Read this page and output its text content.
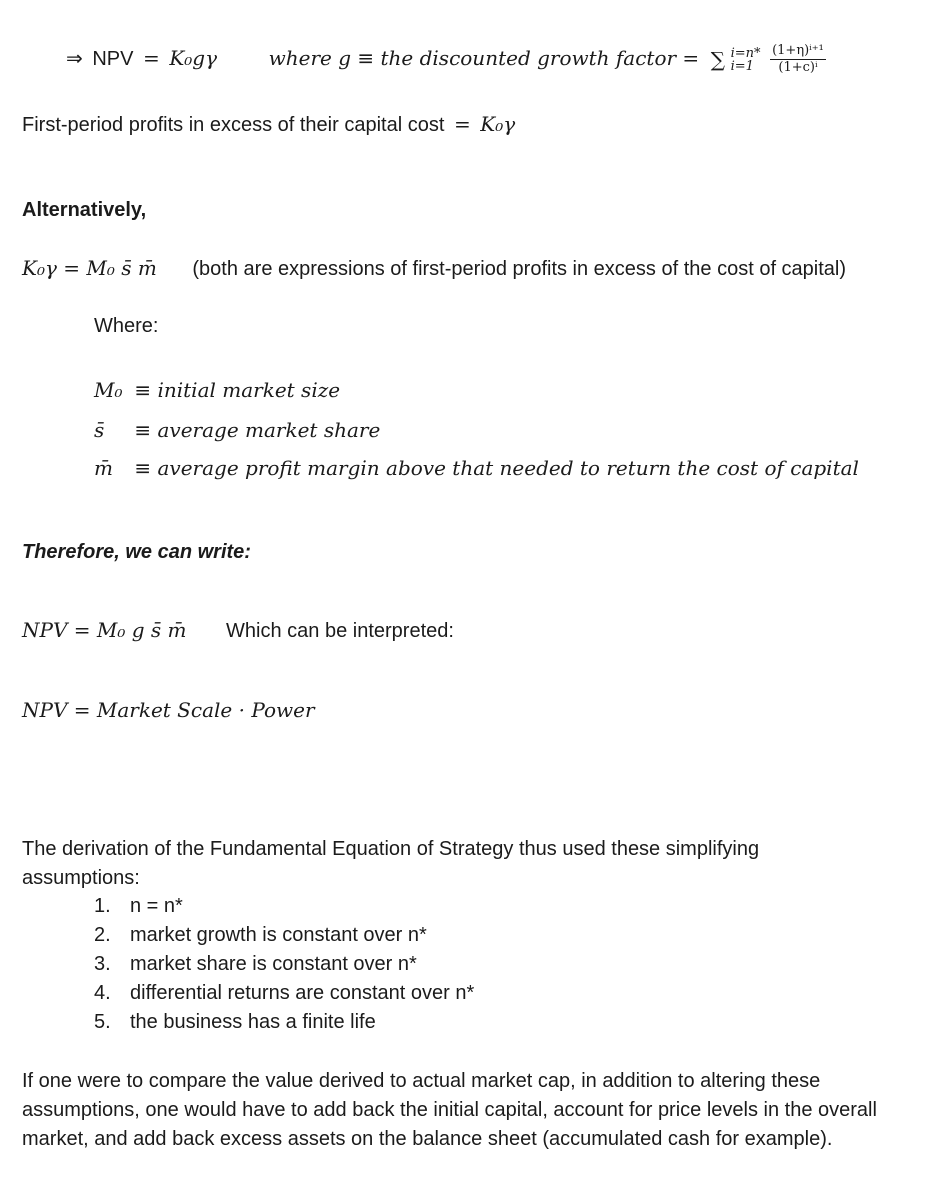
⇒ NPV = K₀gγ	where g ≡ the discounted growth factor = ∑ i=n*
i=1
	$\frac{\text{(1+η)ⁱ⁺¹}}{\text{(1+c)ⁱ}}$
First-period profits in excess of their capital cost = K₀γ
Alternatively,
K₀γ = M₀ s̄ m̄ (both are expressions of first-period profits in excess of the cost of capital)
Where:
M₀ ≡ initial market size
s̄ ≡ average market share
m̄ ≡ average profit margin above that needed to return the cost of capital
Therefore, we can write:
NPV = M₀ g s̄ m̄ Which can be interpreted:
NPV = Market Scale · Power
The derivation of the Fundamental Equation of Strategy thus used these simplifying assumptions:
1. n = n*
2. market growth is constant over n*
3. market share is constant over n*
4. differential returns are constant over n*
5. the business has a finite life
If one were to compare the value derived to actual market cap, in addition to altering these assumptions, one would have to add back the initial capital, account for price levels in the overall market, and add back excess assets on the balance sheet (accumulated cash for example).
